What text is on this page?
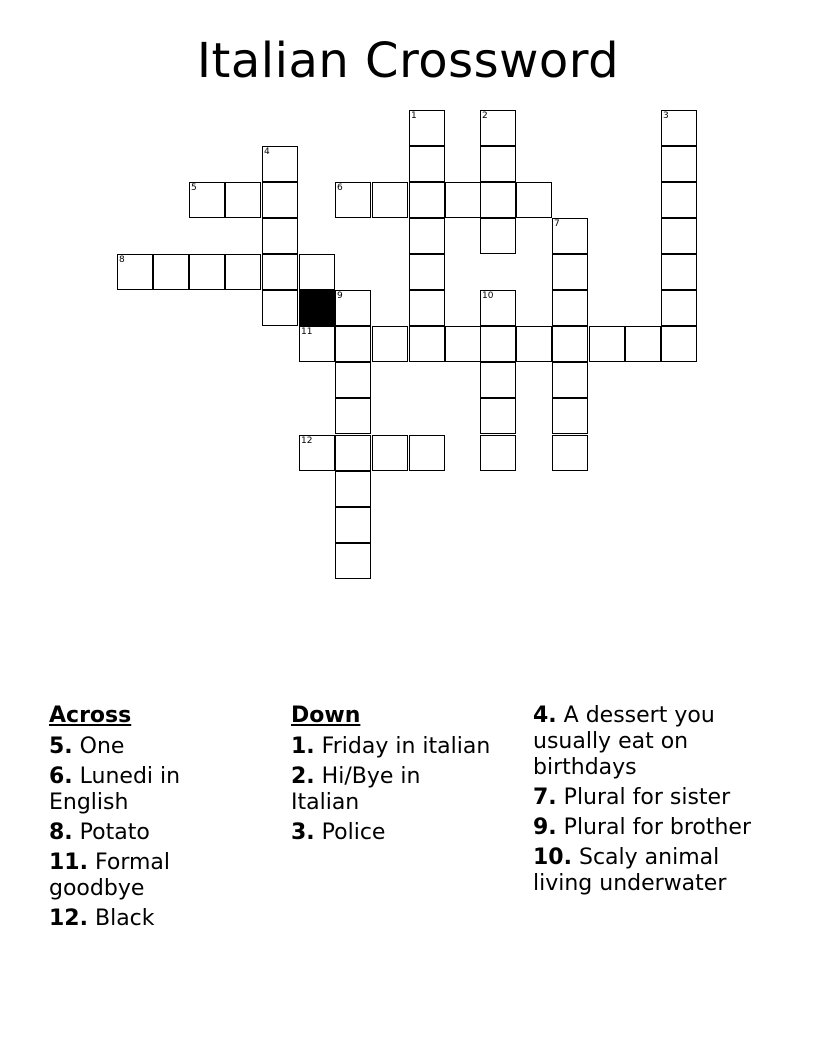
Italian Crossword
1	2	3
4
5	6
7
8
9	10
11
12
Across
5. One
6. Lunedi in English
8. Potato
11. Formal goodbye
12. Black
Down
1. Friday in italian
2. Hi/Bye in Italian
3. Police
4. A dessert you usually eat on birthdays
7. Plural for sister
9. Plural for brother
10. Scaly animal living underwater
